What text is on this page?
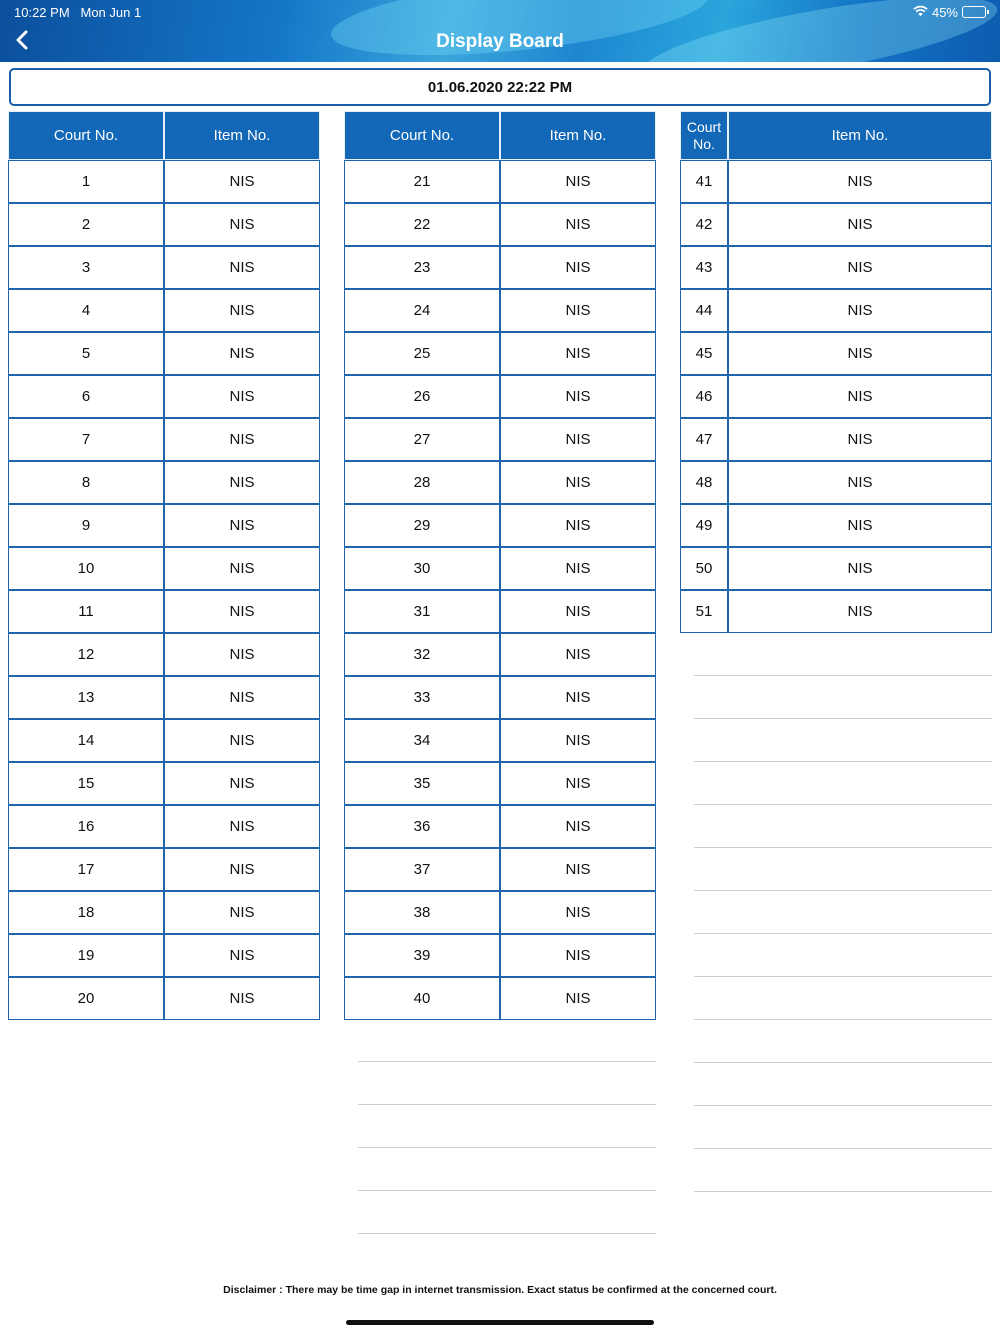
10:22 PM Mon Jun 1	45%
Display Board
01.06.2020 22:22 PM
Court No.	Item No.
1	NIS
2	NIS
3	NIS
4	NIS
5	NIS
6	NIS
7	NIS
8	NIS
9	NIS
10	NIS
11	NIS
12	NIS
13	NIS
14	NIS
15	NIS
16	NIS
17	NIS
18	NIS
19	NIS
20	NIS
Court No.	Item No.
21	NIS
22	NIS
23	NIS
24	NIS
25	NIS
26	NIS
27	NIS
28	NIS
29	NIS
30	NIS
31	NIS
32	NIS
33	NIS
34	NIS
35	NIS
36	NIS
37	NIS
38	NIS
39	NIS
40	NIS
Court No.	Item No.
41	NIS
42	NIS
43	NIS
44	NIS
45	NIS
46	NIS
47	NIS
48	NIS
49	NIS
50	NIS
51	NIS
Disclaimer : There may be time gap in internet transmission. Exact status be confirmed at the concerned court.
